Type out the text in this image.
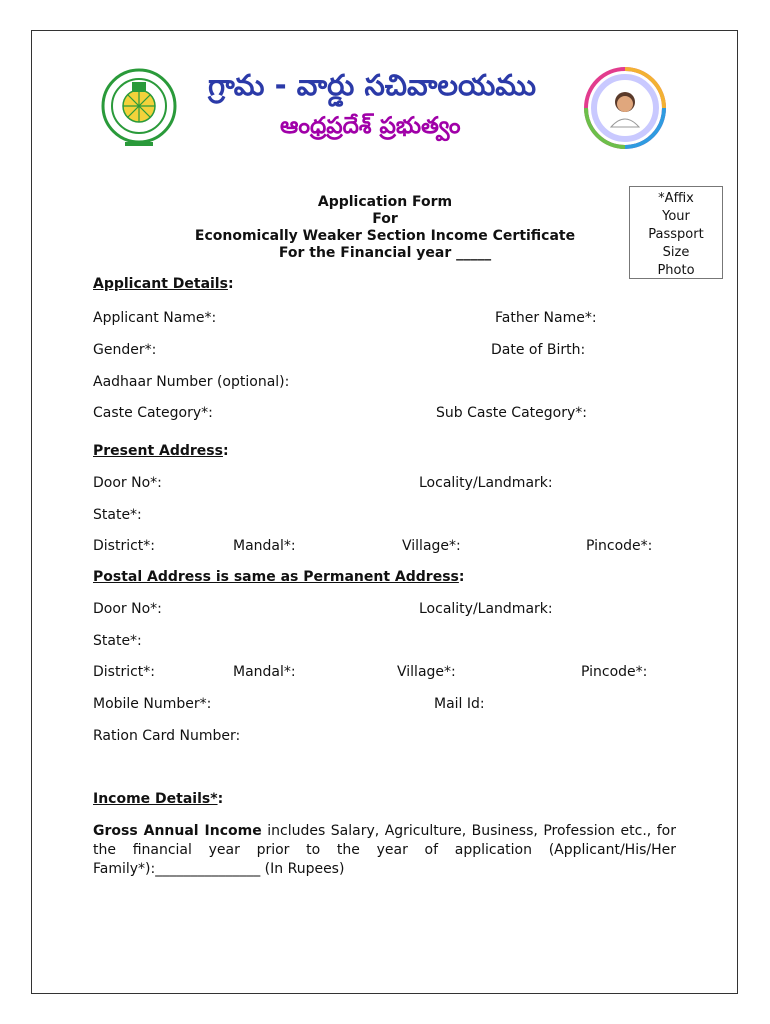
గ్రామ - వార్డు సచివాలయము
ఆంధ్రప్రదేశ్ ప్రభుత్వం
Application Form
For
Economically Weaker Section Income Certificate
For the Financial year _____
*Affix
Your
Passport
Size
Photo
Applicant Details:
Applicant Name*:	Father Name*:
Gender*:	Date of Birth:
Aadhaar Number (optional):
Caste Category*:	Sub Caste Category*:
Present Address:
Door No*:	Locality/Landmark:
State*:
District*:	Mandal*:	Village*:	Pincode*:
Postal Address is same as Permanent Address:
Door No*:	Locality/Landmark:
State*:
District*:	Mandal*:	Village*:	Pincode*:
Mobile Number*:	Mail Id:
Ration Card Number:
Income Details*:
Gross Annual Income includes Salary, Agriculture, Business, Profession etc., for the financial year prior to the year of application (Applicant/His/Her Family*):_______________ (In Rupees)
